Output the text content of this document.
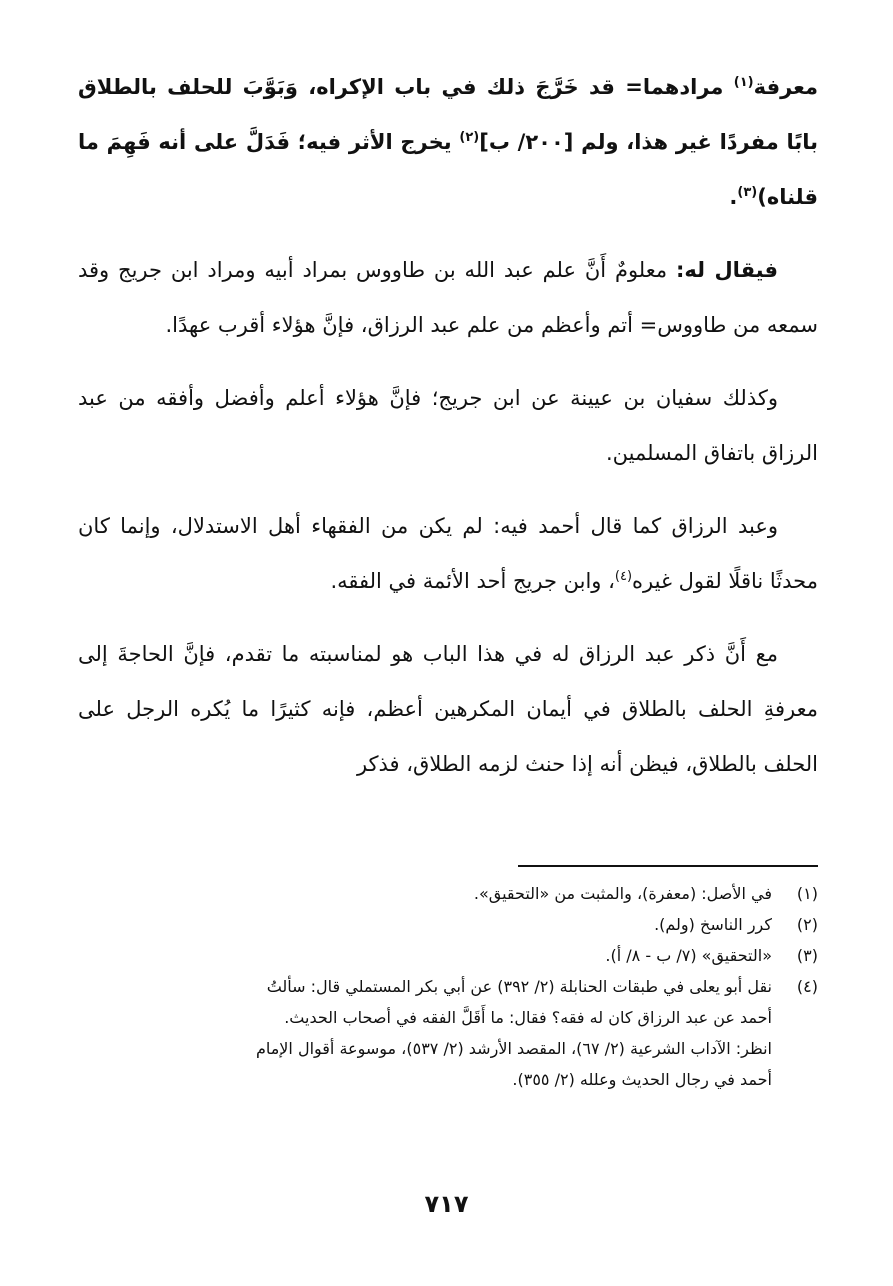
معرفة$^{(١)}$ مرادهما= قد خَرَّجَ ذلك في باب الإكراه، وَبَوَّبَ للحلف بالطلاق بابًا مفردًا غير هذا، ولم [٢٠٠/ ب]$^{(٢)}$ يخرج الأثر فيه؛ فَدَلَّ على أنه فَهِمَ ما قلناه)$^{(٣)}$.

فيقال له: معلومٌ أَنَّ علم عبد الله بن طاووس بمراد أبيه ومراد ابن جريج وقد سمعه من طاووس= أتم وأعظم من علم عبد الرزاق، فإنَّ هؤلاء أقرب عهدًا.

وكذلك سفيان بن عيينة عن ابن جريج؛ فإنَّ هؤلاء أعلم وأفضل وأفقه من عبد الرزاق باتفاق المسلمين.

وعبد الرزاق كما قال أحمد فيه: لم يكن من الفقهاء أهل الاستدلال، وإنما كان محدثًا ناقلًا لقول غيره$^{(٤)}$، وابن جريج أحد الأئمة في الفقه.

مع أَنَّ ذكر عبد الرزاق له في هذا الباب هو لمناسبته ما تقدم، فإنَّ الحاجةَ إلى معرفةِ الحلف بالطلاق في أيمان المكرهين أعظم، فإنه كثيرًا ما يُكره الرجل على الحلف بالطلاق، فيظن أنه إذا حنث لزمه الطلاق، فذكر

(١)
في الأصل: (معفرة)، والمثبت من «التحقيق».
(٢)
كرر الناسخ (ولم).
(٣)
«التحقيق» (٧/ ب - ٨/ أ).
(٤)
نقل أبو يعلى في طبقات الحنابلة (٢/ ٣٩٢) عن أبي بكر المستملي قال: سألتُ
أحمد عن عبد الرزاق كان له فقه؟ فقال: ما أَقَلَّ الفقه في أصحاب الحديث.
انظر: الآداب الشرعية (٢/ ٦٧)، المقصد الأرشد (٢/ ٥٣٧)، موسوعة أقوال الإمام
أحمد في رجال الحديث وعلله (٢/ ٣٥٥).
٧١٧
